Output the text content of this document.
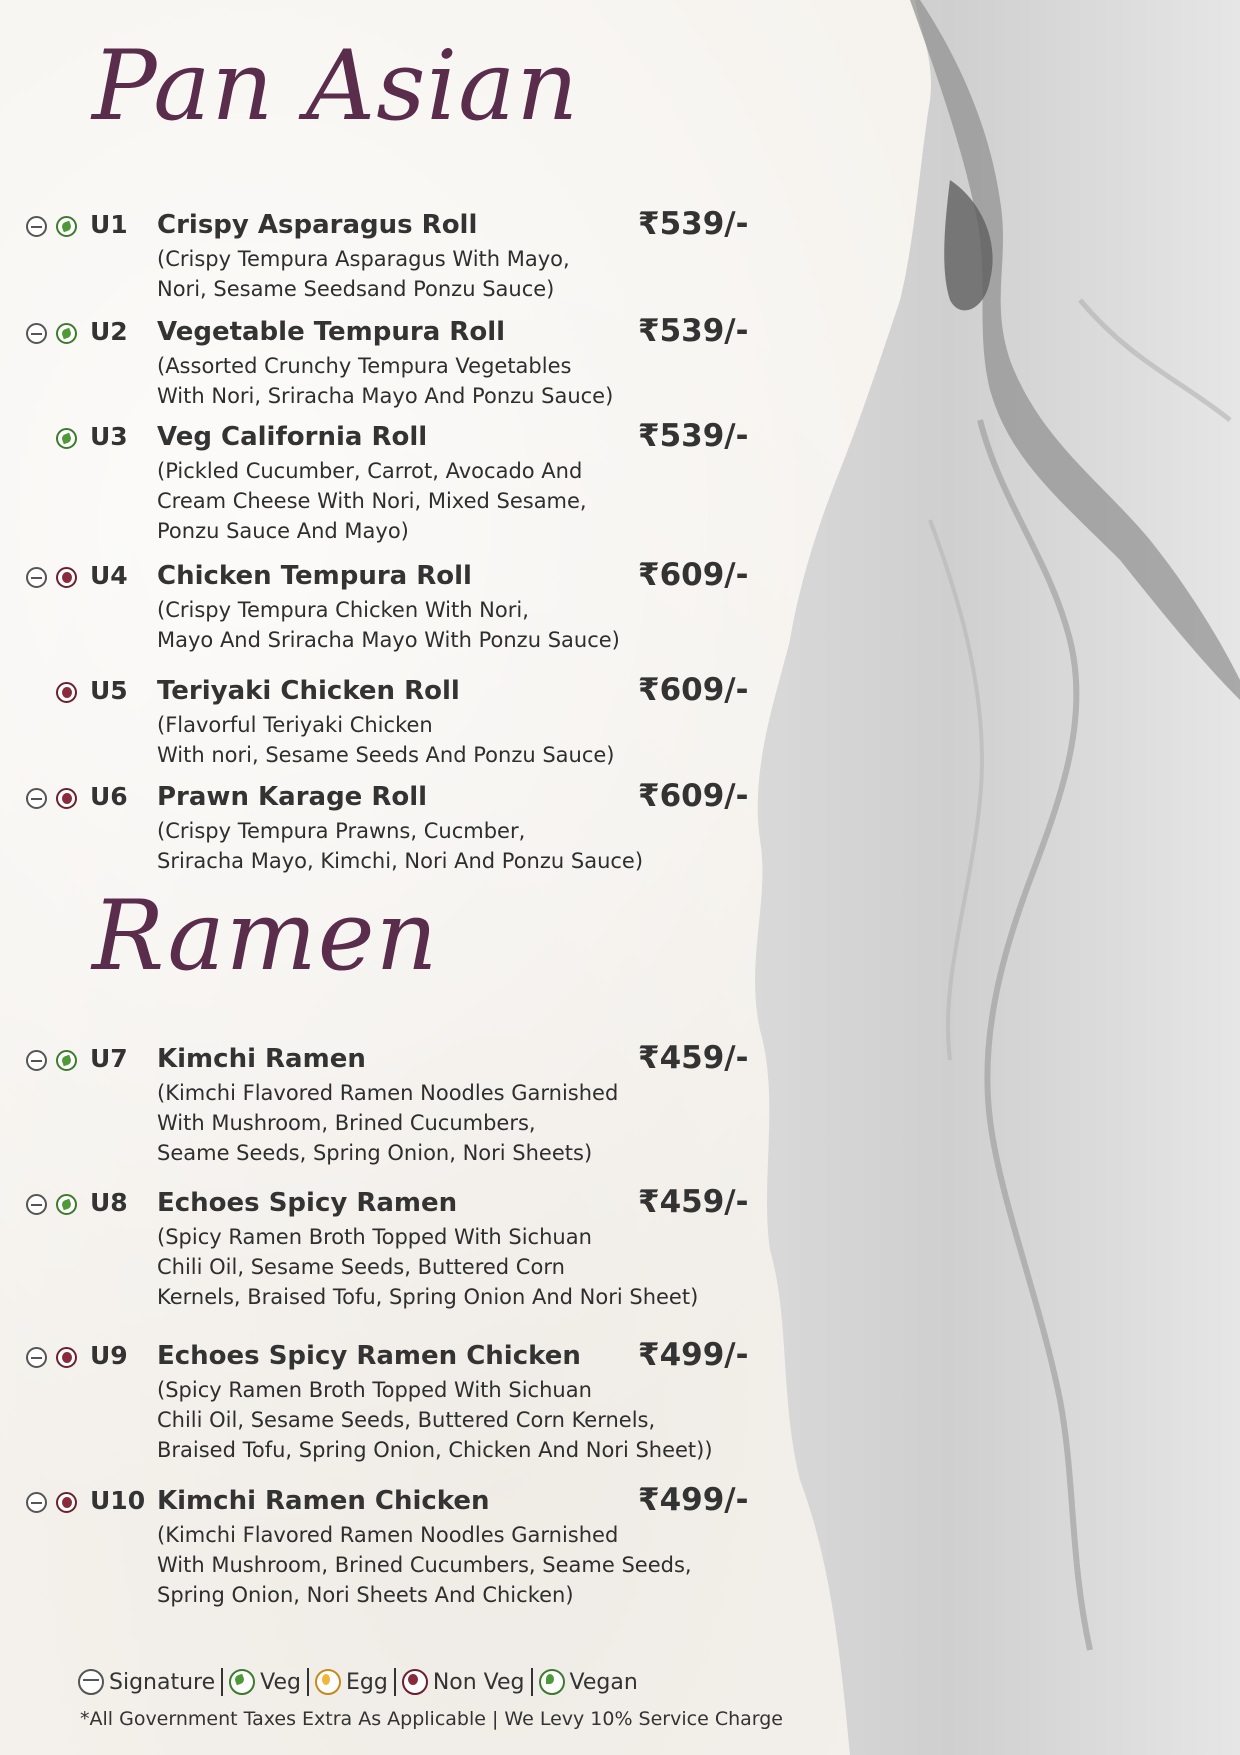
Pan Asian
U1 Crispy Asparagus Roll	₹539/-
(Crispy Tempura Asparagus With Mayo,
Nori, Sesame Seedsand Ponzu Sauce)
U2 Vegetable Tempura Roll	₹539/-
(Assorted Crunchy Tempura Vegetables
With Nori, Sriracha Mayo And Ponzu Sauce)
U3 Veg California Roll	₹539/-
(Pickled Cucumber, Carrot, Avocado And
Cream Cheese With Nori, Mixed Sesame,
Ponzu Sauce And Mayo)
U4 Chicken Tempura Roll	₹609/-
(Crispy Tempura Chicken With Nori,
Mayo And Sriracha Mayo With Ponzu Sauce)
U5 Teriyaki Chicken Roll	₹609/-
(Flavorful Teriyaki Chicken
With nori, Sesame Seeds And Ponzu Sauce)
U6 Prawn Karage Roll	₹609/-
(Crispy Tempura Prawns, Cucmber,
Sriracha Mayo, Kimchi, Nori And Ponzu Sauce)
Ramen
U7 Kimchi Ramen	₹459/-
(Kimchi Flavored Ramen Noodles Garnished
With Mushroom, Brined Cucumbers,
Seame Seeds, Spring Onion, Nori Sheets)
U8 Echoes Spicy Ramen	₹459/-
(Spicy Ramen Broth Topped With Sichuan
Chili Oil, Sesame Seeds, Buttered Corn
Kernels, Braised Tofu, Spring Onion And Nori Sheet)
U9 Echoes Spicy Ramen Chicken ₹499/-
(Spicy Ramen Broth Topped With Sichuan
Chili Oil, Sesame Seeds, Buttered Corn Kernels,
Braised Tofu, Spring Onion, Chicken And Nori Sheet))
U10 Kimchi Ramen Chicken	₹499/-
(Kimchi Flavored Ramen Noodles Garnished
With Mushroom, Brined Cucumbers, Seame Seeds,
Spring Onion, Nori Sheets And Chicken)
Signature Veg Egg Non Veg Vegan
*All Government Taxes Extra As Applicable | We Levy 10% Service Charge
